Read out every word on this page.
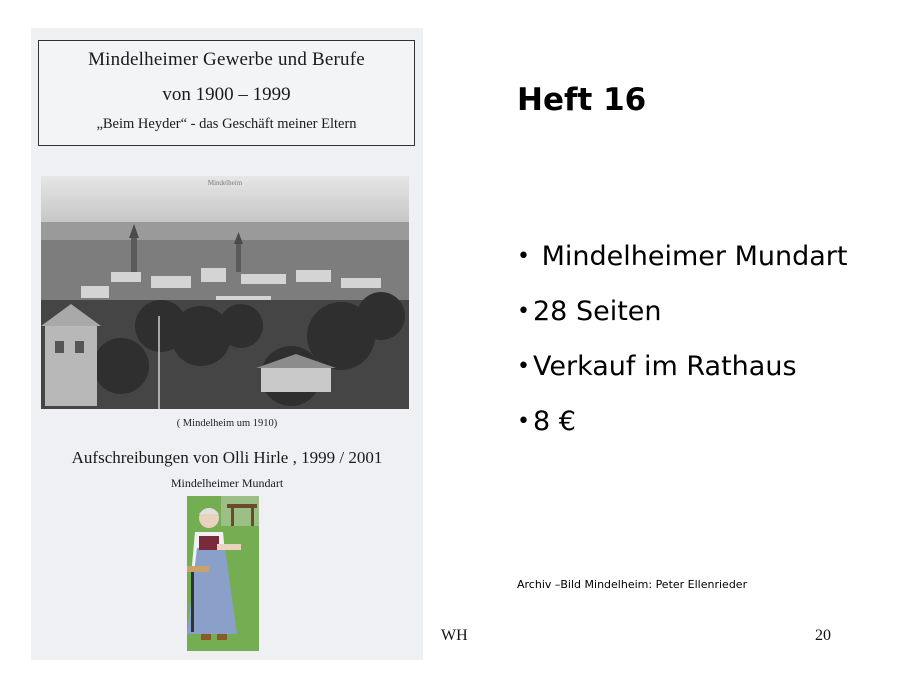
Mindelheimer Gewerbe und Berufe
von 1900 – 1999
„Beim Heyder“ - das Geschäft meiner Eltern
Mindelheim
( Mindelheim um 1910)
Aufschreibungen von Olli Hirle , 1999 / 2001
Mindelheimer Mundart
Heft 16
• Mindelheimer Mundart
• 28 Seiten
• Verkauf im Rathaus
• 8 €
Archiv –Bild Mindelheim: Peter Ellenrieder
WH	20
